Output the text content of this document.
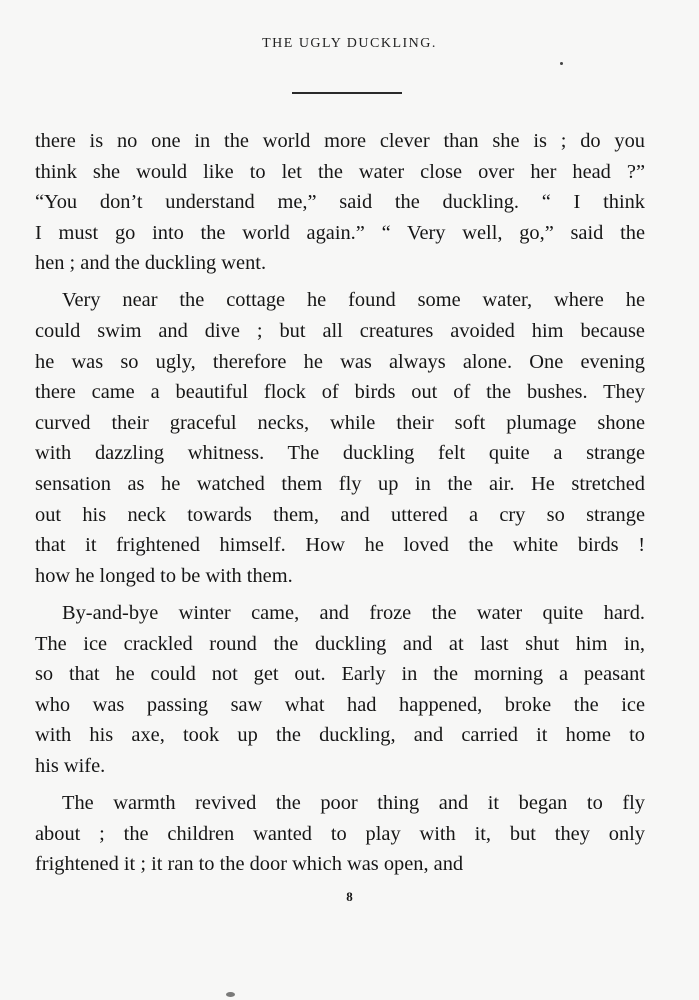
THE UGLY DUCKLING.

there is no one in the world more clever than she is ; do you
think she would like to let the water close over her head ?”
“You don’t understand me,” said the duckling. “ I think
I must go into the world again.” “ Very well, go,” said the
hen ; and the duckling went.

Very near the cottage he found some water, where he
could swim and dive ; but all creatures avoided him because
he was so ugly, therefore he was always alone. One evening
there came a beautiful flock of birds out of the bushes. They
curved their graceful necks, while their soft plumage shone
with dazzling whitness. The duckling felt quite a strange
sensation as he watched them fly up in the air. He stretched
out his neck towards them, and uttered a cry so strange
that it frightened himself. How he loved the white birds !
how he longed to be with them.

By-and-bye winter came, and froze the water quite hard.
The ice crackled round the duckling and at last shut him in,
so that he could not get out. Early in the morning a peasant
who was passing saw what had happened, broke the ice
with his axe, took up the duckling, and carried it home to
his wife.

The warmth revived the poor thing and it began to fly
about ; the children wanted to play with it, but they only
frightened it ; it ran to the door which was open, and

8
